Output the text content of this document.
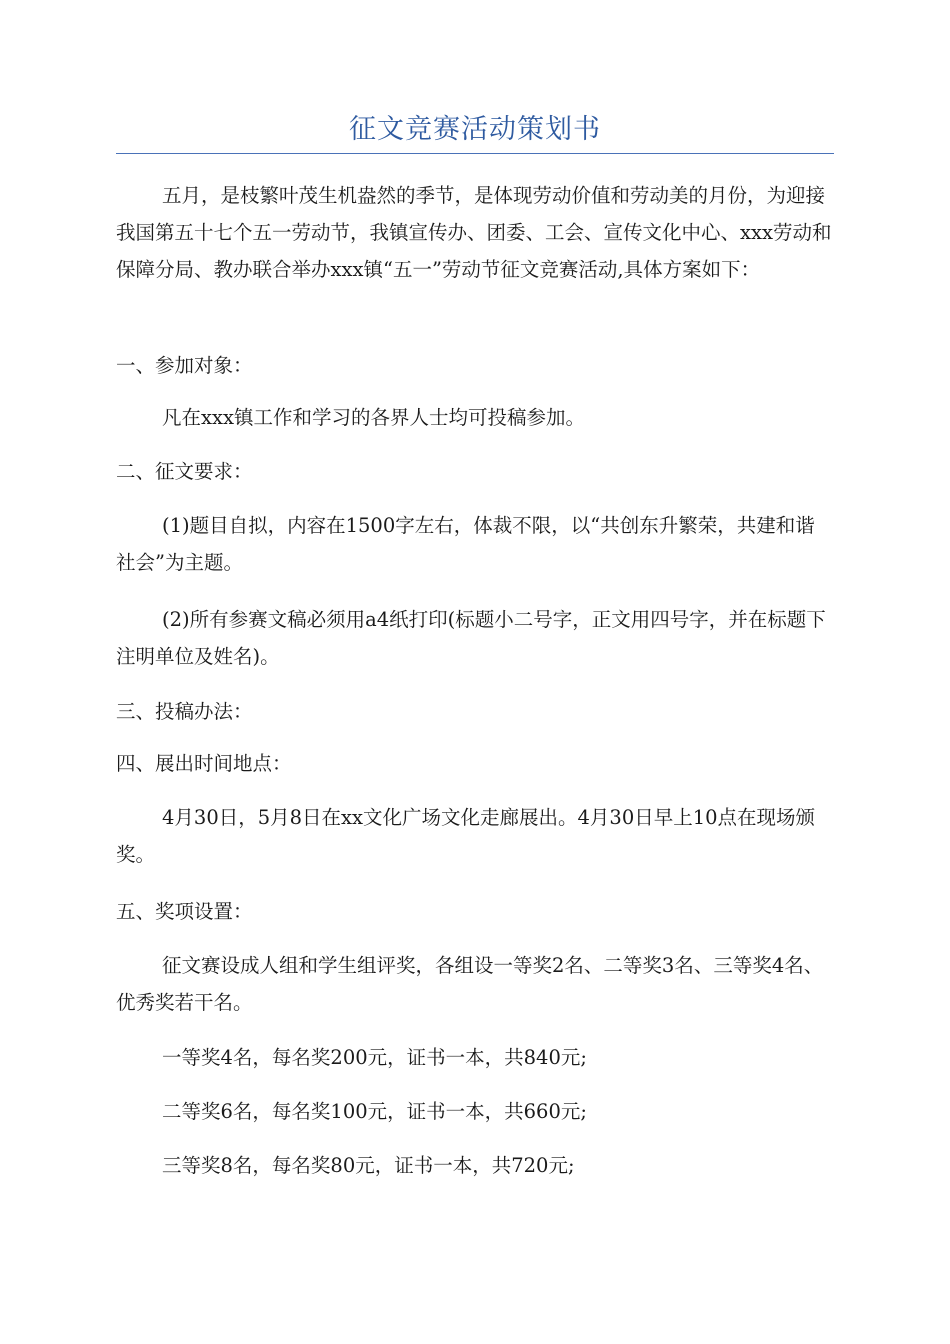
征文竞赛活动策划书

五月，是枝繁叶茂生机盎然的季节，是体现劳动价值和劳动美的月份，为迎接我国第五十七个五一劳动节，我镇宣传办、团委、工会、宣传文化中心、xxx劳动和保障分局、教办联合举办xxx镇“五一”劳动节征文竞赛活动,具体方案如下：

一、参加对象：

凡在xxx镇工作和学习的各界人士均可投稿参加。

二、征文要求：

(1)题目自拟，内容在1500字左右，体裁不限，以“共创东升繁荣，共建和谐社会”为主题。

(2)所有参赛文稿必须用a4纸打印(标题小二号字，正文用四号字，并在标题下注明单位及姓名)。

三、投稿办法：

四、展出时间地点：

4月30日，5月8日在xx文化广场文化走廊展出。4月30日早上10点在现场颁奖。

五、奖项设置：

征文赛设成人组和学生组评奖，各组设一等奖2名、二等奖3名、三等奖4名、优秀奖若干名。

一等奖4名，每名奖200元，证书一本，共840元;

二等奖6名，每名奖100元，证书一本，共660元;

三等奖8名，每名奖80元，证书一本，共720元;
